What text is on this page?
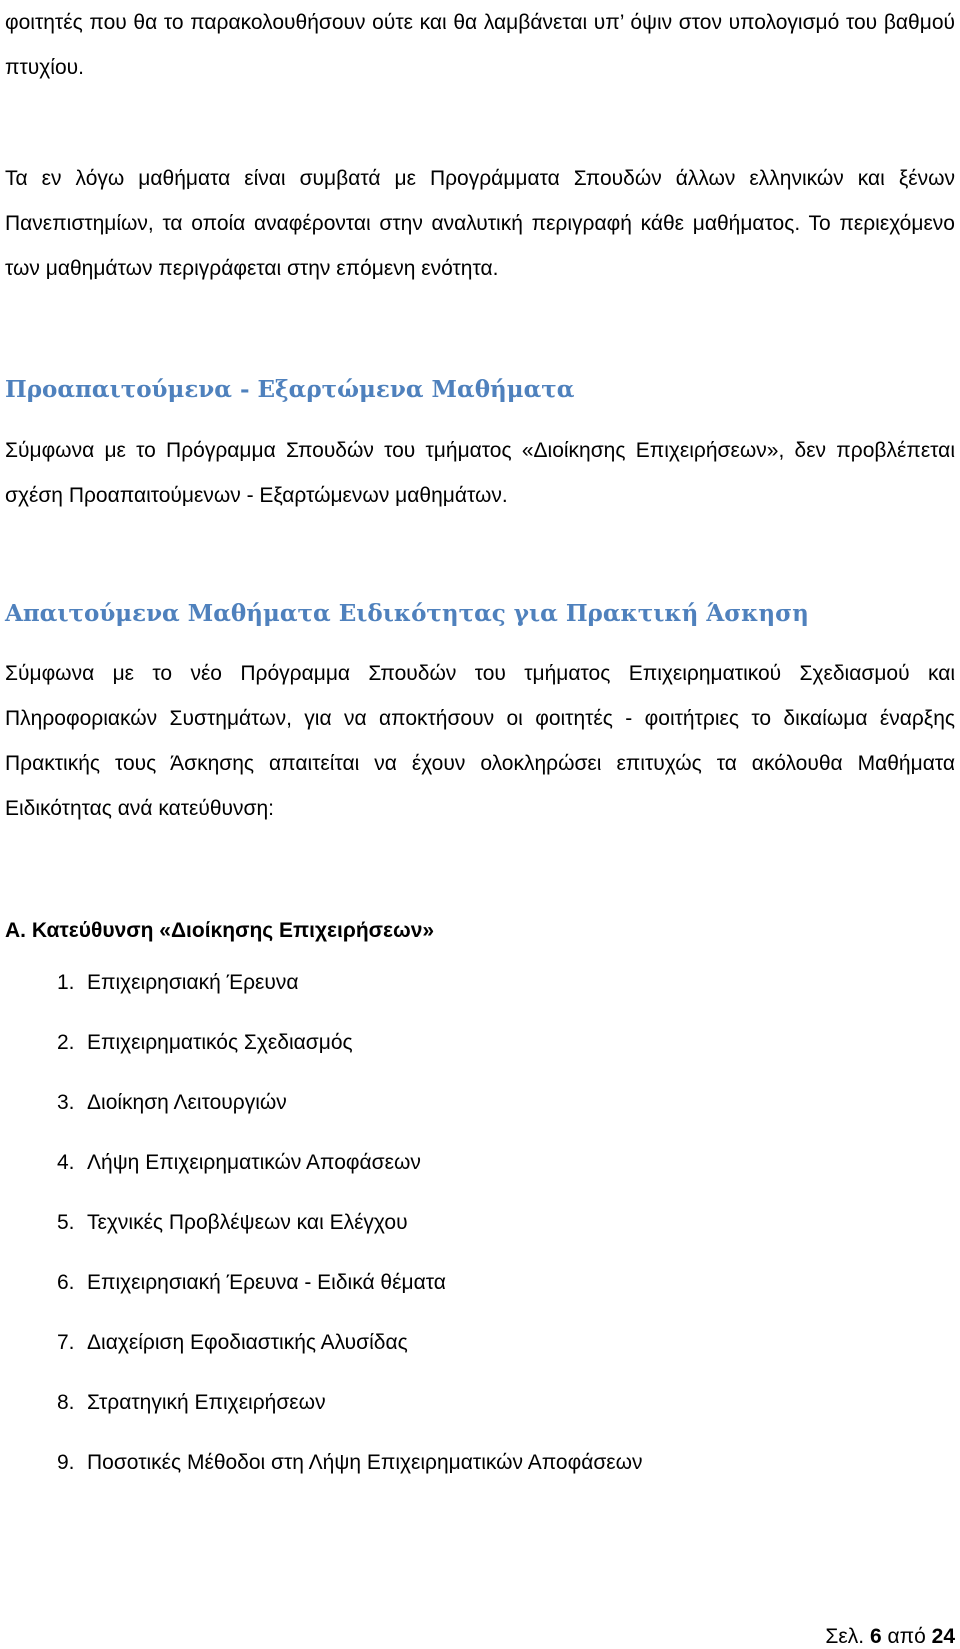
φοιτητές που θα το παρακολουθήσουν ούτε και θα λαμβάνεται υπ’ όψιν στον υπολογισμό του βαθμού πτυχίου.

Τα εν λόγω μαθήματα είναι συμβατά με Προγράμματα Σπουδών άλλων ελληνικών και ξένων Πανεπιστημίων, τα οποία αναφέρονται στην αναλυτική περιγραφή κάθε μαθήματος. Το περιεχόμενο των μαθημάτων περιγράφεται στην επόμενη ενότητα.

Προαπαιτούμενα - Εξαρτώμενα Μαθήματα

Σύμφωνα με το Πρόγραμμα Σπουδών του τμήματος «Διοίκησης Επιχειρήσεων», δεν προβλέπεται σχέση Προαπαιτούμενων - Εξαρτώμενων μαθημάτων.

Απαιτούμενα Μαθήματα Ειδικότητας για Πρακτική Άσκηση

Σύμφωνα με το νέο Πρόγραμμα Σπουδών του τμήματος Επιχειρηματικού Σχεδιασμού και Πληροφοριακών Συστημάτων, για να αποκτήσουν οι φοιτητές - φοιτήτριες το δικαίωμα έναρξης Πρακτικής τους Άσκησης απαιτείται να έχουν ολοκληρώσει επιτυχώς τα ακόλουθα Μαθήματα Ειδικότητας ανά κατεύθυνση:

Α. Κατεύθυνση «Διοίκησης Επιχειρήσεων»
1. Επιχειρησιακή Έρευνα
2. Επιχειρηματικός Σχεδιασμός
3. Διοίκηση Λειτουργιών
4. Λήψη Επιχειρηματικών Αποφάσεων
5. Τεχνικές Προβλέψεων και Ελέγχου
6. Επιχειρησιακή Έρευνα - Ειδικά θέματα
7. Διαχείριση Εφοδιαστικής Αλυσίδας
8. Στρατηγική Επιχειρήσεων
9. Ποσοτικές Μέθοδοι στη Λήψη Επιχειρηματικών Αποφάσεων
Σελ. 6 από 24
